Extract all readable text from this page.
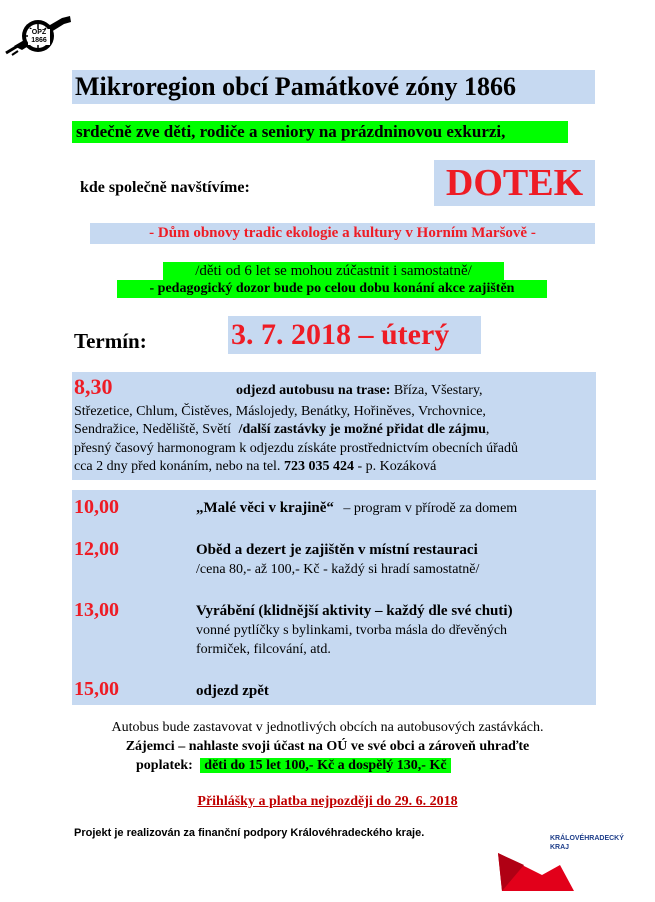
OPZ 1866
Mikroregion obcí Památkové zóny 1866
srdečně zve děti, rodiče a seniory na prázdninovou exkurzi,
kde společně navštívíme:	DOTEK
- Dům obnovy tradic ekologie a kultury v Horním Maršově -
/děti od 6 let se mohou zúčastnit i samostatně/
- pedagogický dozor bude po celou dobu konání akce zajištěn
Termín:	3. 7. 2018 – úterý
8,30	odjezd autobusu na trase: Bříza, Všestary,
Střezetice, Chlum, Čistěves, Máslojedy, Benátky, Hořiněves, Vrchovnice,
Sendražice, Neděliště, Světí /další zastávky je možné přidat dle zájmu,
přesný časový harmonogram k odjezdu získáte prostřednictvím obecních úřadů
cca 2 dny před konáním, nebo na tel. 723 035 424 - p. Kozáková
10,00	„Malé věci v krajině“ – program v přírodě za domem
12,00	Oběd a dezert je zajištěn v místní restauraci
/cena 80,- až 100,- Kč - každý si hradí samostatně/
13,00	Vyrábění (klidnější aktivity – každý dle své chuti)
vonné pytlíčky s bylinkami, tvorba másla do dřevěných
formiček, filcování, atd.
15,00	odjezd zpět
Autobus bude zastavovat v jednotlivých obcích na autobusových zastávkách.
Zájemci – nahlaste svoji účast na OÚ ve své obci a zároveň uhraďte
poplatek: děti do 15 let 100,- Kč a dospělý 130,- Kč
Přihlášky a platba nejpozději do 29. 6. 2018
Projekt je realizován za finanční podpory Královéhradeckého kraje.	KRÁLOVÉHRADECKÝ
KRAJ
